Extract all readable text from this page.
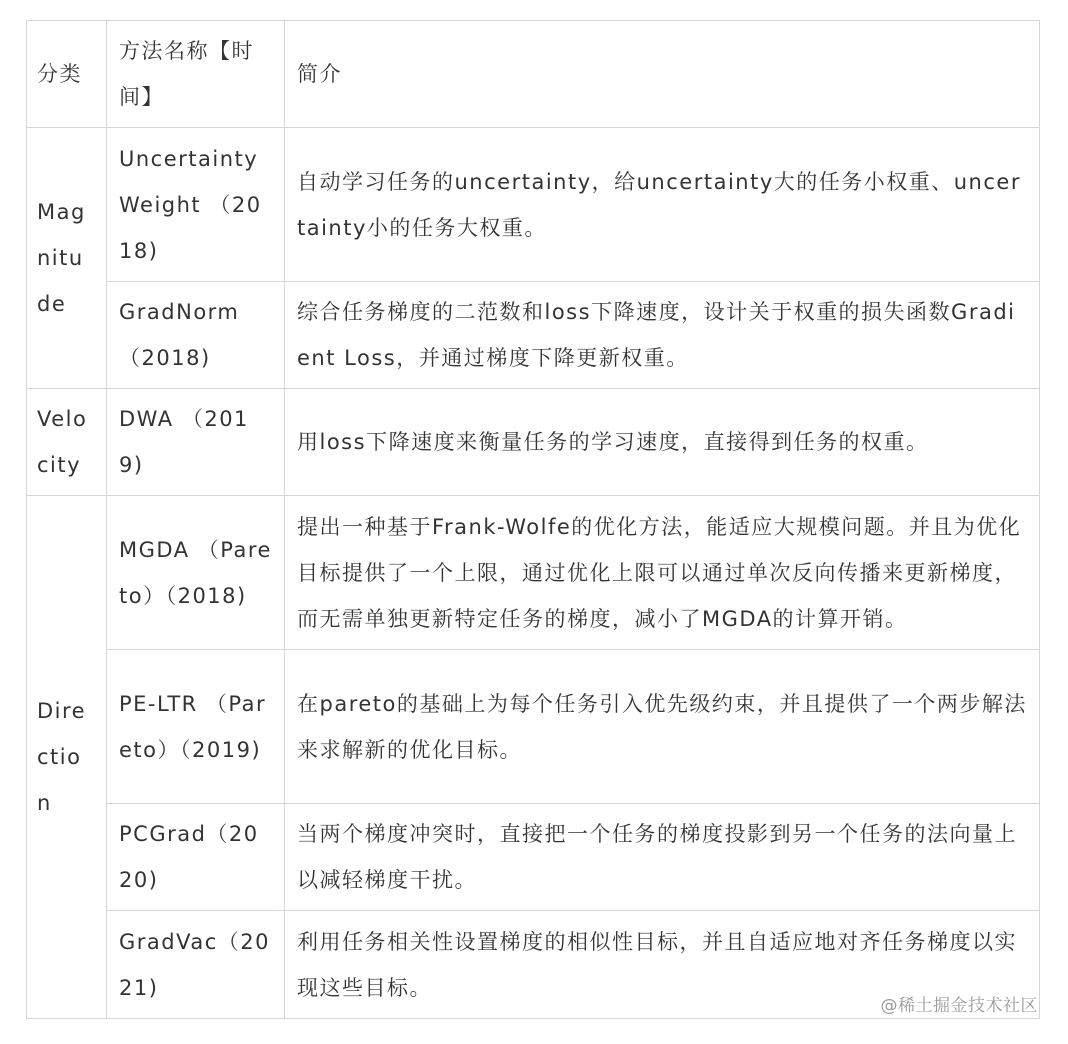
分类	方法名称【时间】	简介
Magnitude	Uncertainty Weight （2018)	自动学习任务的uncertainty，给uncertainty大的任务小权重、uncertainty小的任务大权重。
	GradNorm （2018)	综合任务梯度的二范数和loss下降速度，设计关于权重的损失函数Gradient Loss，并通过梯度下降更新权重。
Velocity	DWA （2019)	用loss下降速度来衡量任务的学习速度，直接得到任务的权重。
Direction	MGDA （Pareto）（2018)	提出一种基于Frank-Wolfe的优化方法，能适应大规模问题。并且为优化目标提供了一个上限，通过优化上限可以通过单次反向传播来更新梯度，而无需单独更新特定任务的梯度，减小了MGDA的计算开销。
	PE-LTR （Pareto）（2019)	在pareto的基础上为每个任务引入优先级约束，并且提供了一个两步解法来求解新的优化目标。
	PCGrad（2020)	当两个梯度冲突时，直接把一个任务的梯度投影到另一个任务的法向量上以减轻梯度干扰。
	GradVac（2021)	利用任务相关性设置梯度的相似性目标，并且自适应地对齐任务梯度以实现这些目标。
@稀土掘金技术社区
